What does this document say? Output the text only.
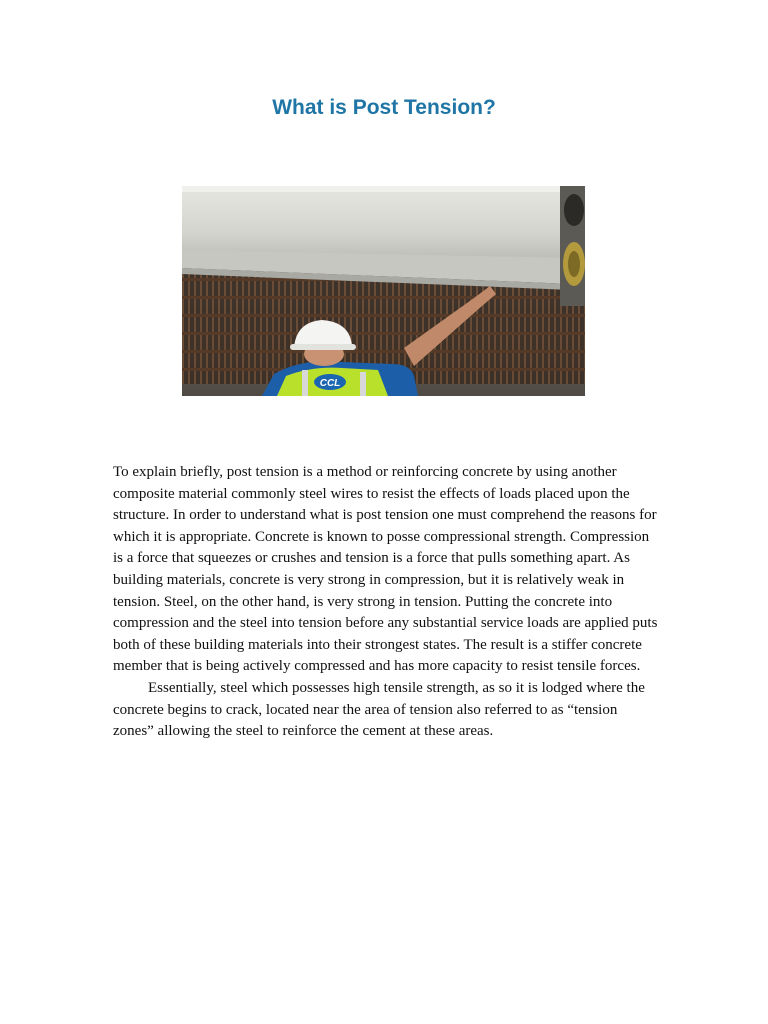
What is Post Tension?
CCL

To explain briefly, post tension is a method or reinforcing concrete by using another composite material commonly steel wires to resist the effects of loads placed upon the structure. In order to understand what is post tension one must comprehend the reasons for which it is appropriate. Concrete is known to posse compressional strength. Compression is a force that squeezes or crushes and tension is a force that pulls something apart. As building materials, concrete is very strong in compression, but it is relatively weak in tension. Steel, on the other hand, is very strong in tension. Putting the concrete into compression and the steel into tension before any substantial service loads are applied puts both of these building materials into their strongest states. The result is a stiffer concrete member that is being actively compressed and has more capacity to resist tensile forces.

Essentially, steel which possesses high tensile strength, as so it is lodged where the concrete begins to crack, located near the area of tension also referred to as “tension zones” allowing the steel to reinforce the cement at these areas.
